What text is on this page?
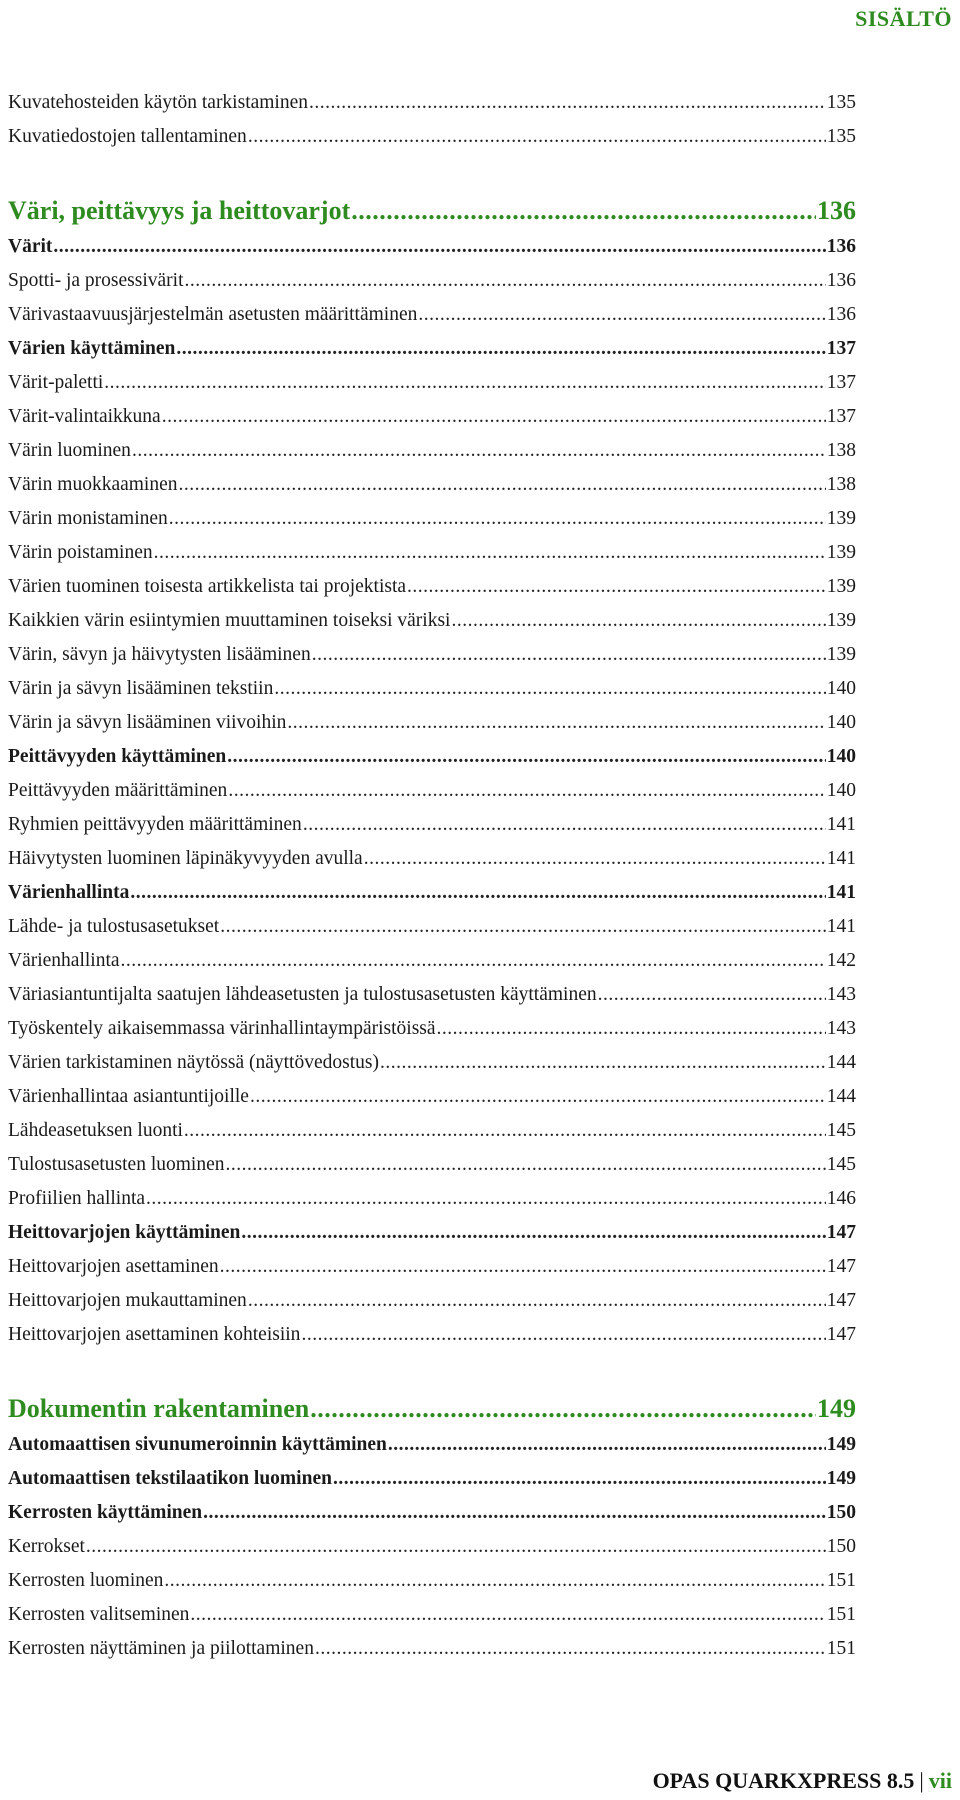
SISÄLTÖ
Kuvatehosteiden käytön tarkistaminen .....	135
Kuvatiedostojen tallentaminen .....	135
Väri, peittävyys ja heittovarjot .....	136
Värit .....	136
Spotti- ja prosessivärit .....	136
Värivastaavuusjärjestelmän asetusten määrittäminen .....	136
Värien käyttäminen .....	137
Värit-paletti .....	137
Värit-valintaikkuna .....	137
Värin luominen .....	138
Värin muokkaaminen .....	138
Värin monistaminen .....	139
Värin poistaminen .....	139
Värien tuominen toisesta artikkelista tai projektista .....	139
Kaikkien värin esiintymien muuttaminen toiseksi väriksi .....	139
Värin, sävyn ja häivytysten lisääminen .....	139
Värin ja sävyn lisääminen tekstiin .....	140
Värin ja sävyn lisääminen viivoihin .....	140
Peittävyyden käyttäminen .....	140
Peittävyyden määrittäminen .....	140
Ryhmien peittävyyden määrittäminen .....	141
Häivytysten luominen läpinäkyvyyden avulla .....	141
Värienhallinta .....	141
Lähde- ja tulostusasetukset .....	141
Värienhallinta .....	142
Väriasiantuntijalta saatujen lähdeasetusten ja tulostusasetusten käyttäminen .....	143
Työskentely aikaisemmassa värinhallintaympäristöissä .....	143
Värien tarkistaminen näytössä (näyttövedostus) .....	144
Värienhallintaa asiantuntijoille .....	144
Lähdeasetuksen luonti .....	145
Tulostusasetusten luominen .....	145
Profiilien hallinta .....	146
Heittovarjojen käyttäminen .....	147
Heittovarjojen asettaminen .....	147
Heittovarjojen mukauttaminen .....	147
Heittovarjojen asettaminen kohteisiin .....	147
Dokumentin rakentaminen .....	149
Automaattisen sivunumeroinnin käyttäminen .....	149
Automaattisen tekstilaatikon luominen .....	149
Kerrosten käyttäminen .....	150
Kerrokset .....	150
Kerrosten luominen .....	151
Kerrosten valitseminen .....	151
Kerrosten näyttäminen ja piilottaminen .....	151
OPAS QUARKXPRESS 8.5 | vii
